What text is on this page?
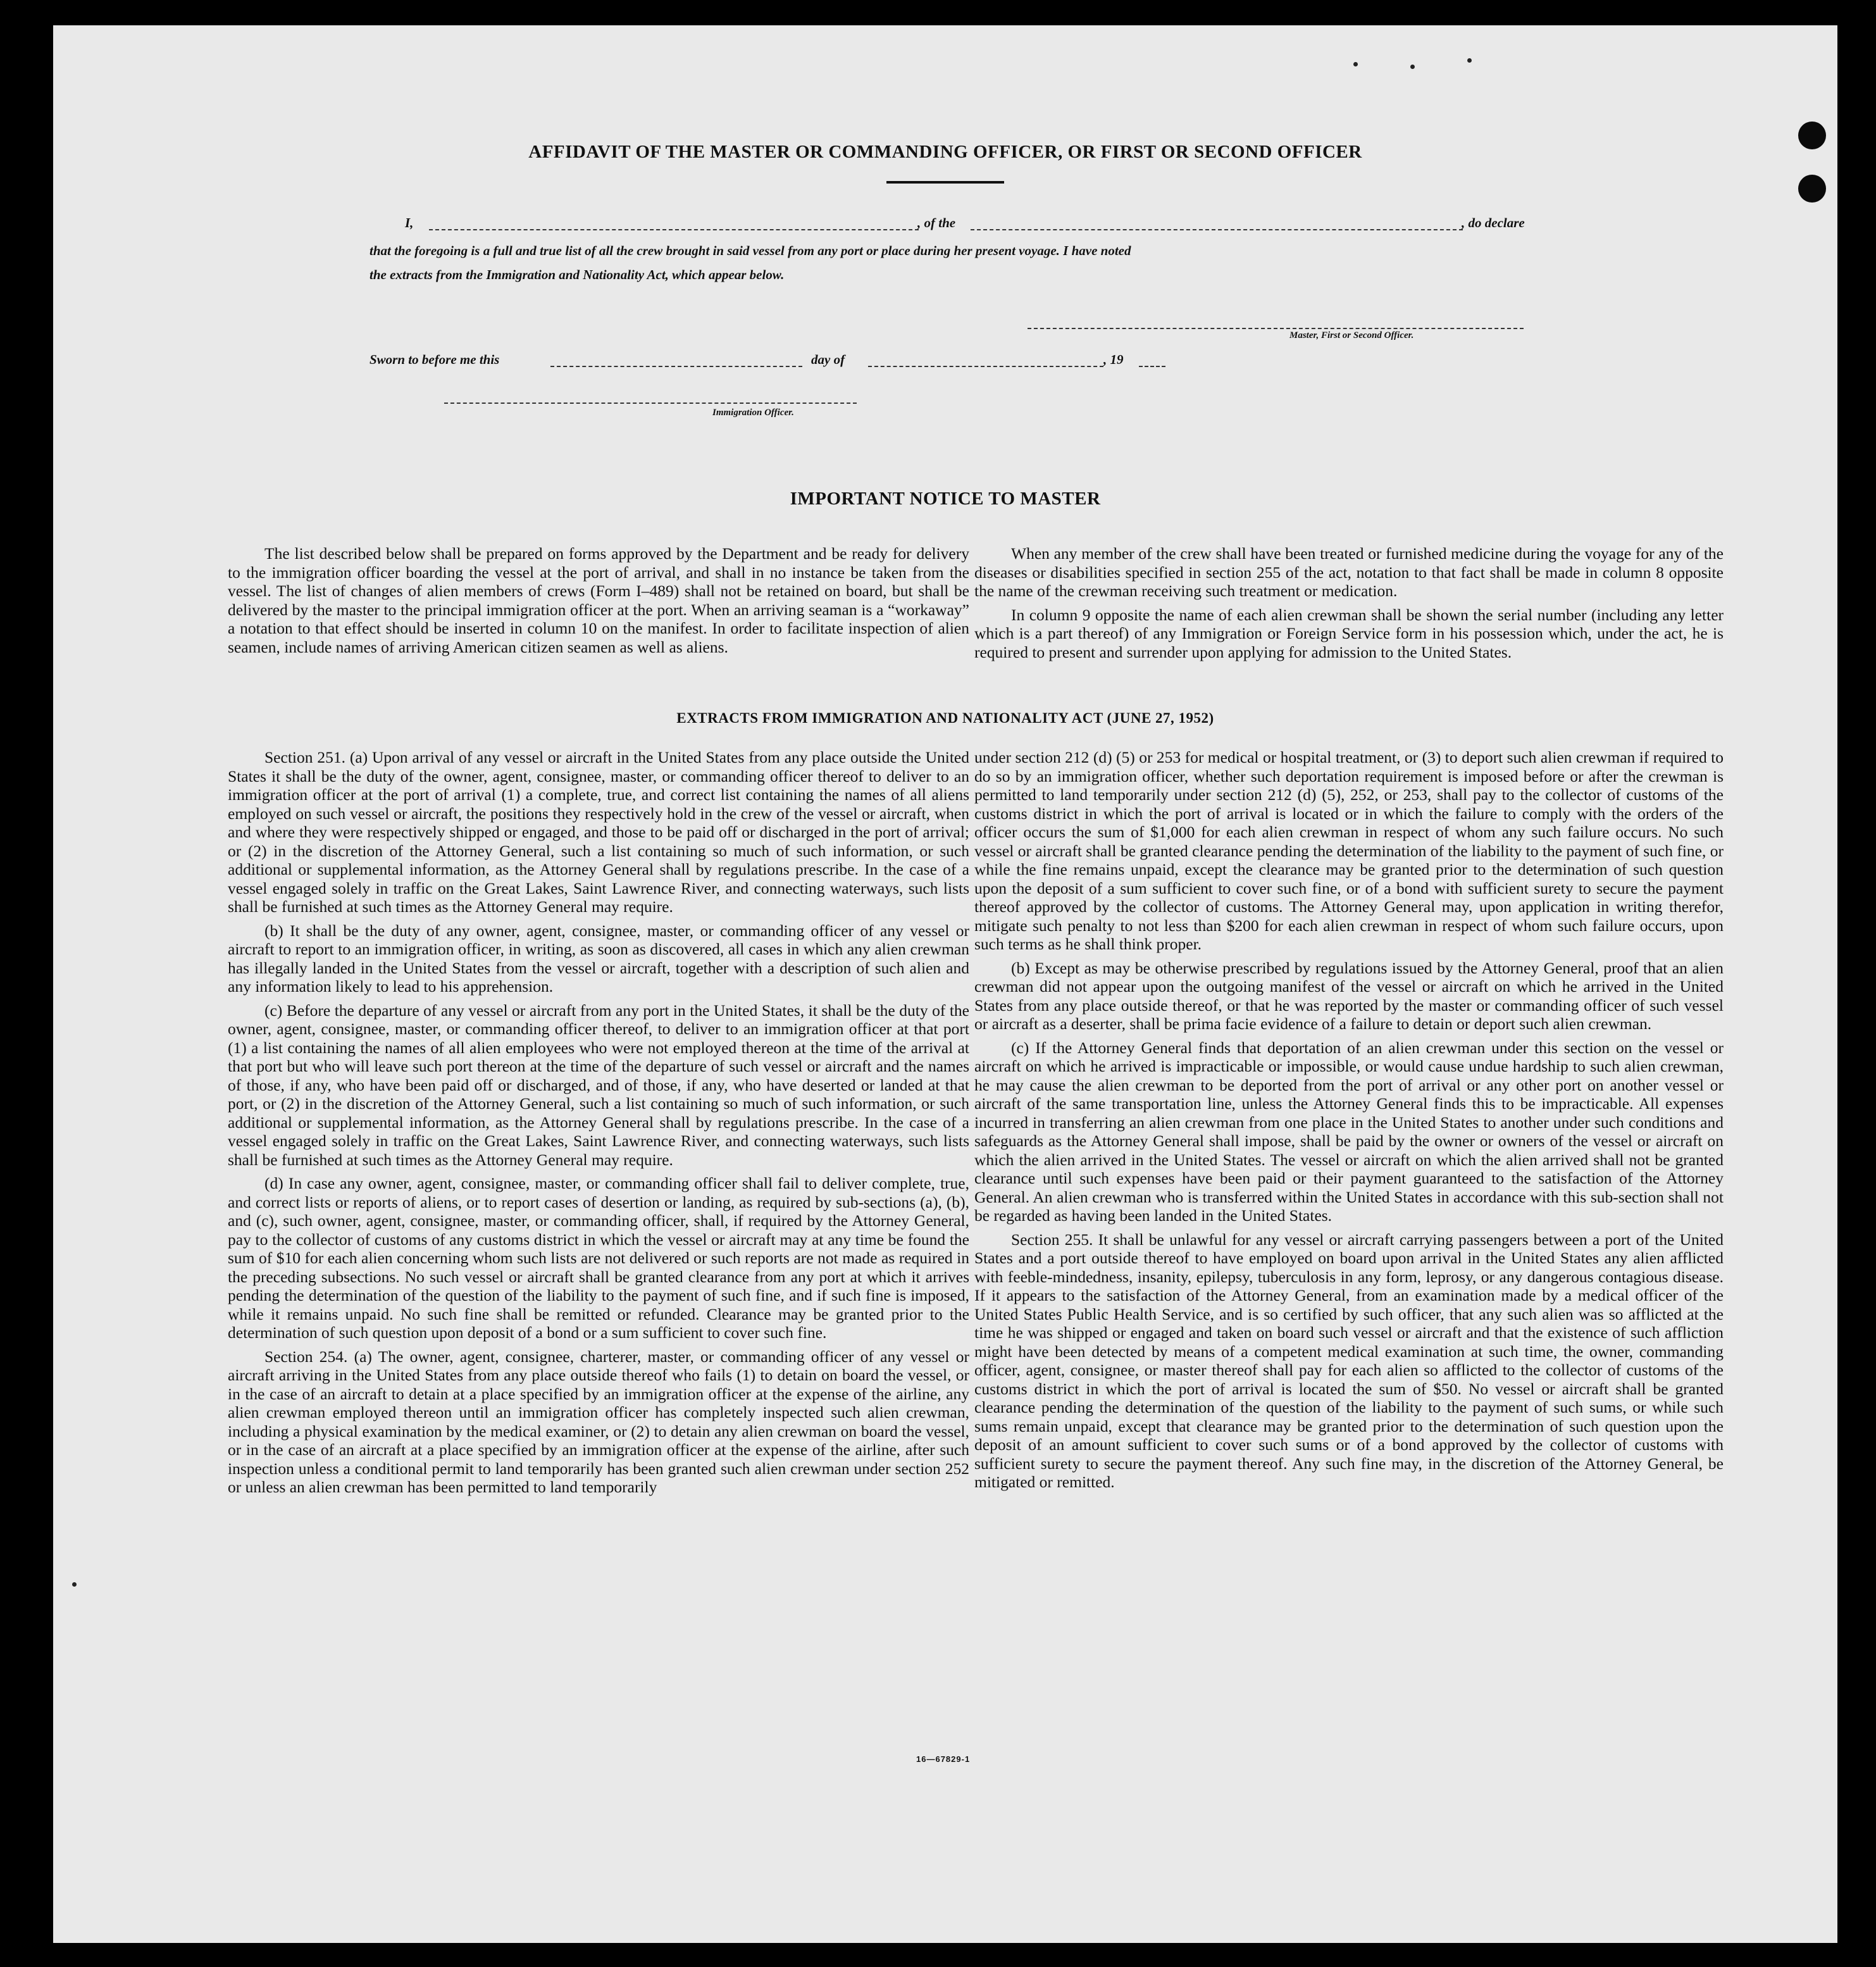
AFFIDAVIT OF THE MASTER OR COMMANDING OFFICER, OR FIRST OR SECOND OFFICER
I,	, of the	, do declare
that the foregoing is a full and true list of all the crew brought in said vessel from any port or place during her present voyage. I have noted
the extracts from the Immigration and Nationality Act, which appear below.
Master, First or Second Officer.
Sworn to before me this	day of	, 19
Immigration Officer.
IMPORTANT NOTICE TO MASTER

The list described below shall be prepared on forms approved by the Department and be ready for delivery to the immigration officer boarding the vessel at the port of arrival, and shall in no instance be taken from the vessel. The list of changes of alien members of crews (Form I–489) shall not be retained on board, but shall be delivered by the master to the principal immigration officer at the port. When an arriving seaman is a “workaway” a notation to that effect should be inserted in column 10 on the manifest. In order to facilitate inspection of alien seamen, include names of arriving American citizen seamen as well as aliens.

When any member of the crew shall have been treated or furnished medicine during the voyage for any of the diseases or disabilities specified in section 255 of the act, notation to that fact shall be made in column 8 opposite the name of the crewman receiving such treatment or medication.

In column 9 opposite the name of each alien crewman shall be shown the serial number (including any letter which is a part thereof) of any Immigration or Foreign Service form in his possession which, under the act, he is required to present and surrender upon applying for admission to the United States.

EXTRACTS FROM IMMIGRATION AND NATIONALITY ACT (JUNE 27, 1952)

Section 251. (a) Upon arrival of any vessel or aircraft in the United States from any place outside the United States it shall be the duty of the owner, agent, consignee, master, or commanding officer thereof to deliver to an immigration officer at the port of arrival (1) a complete, true, and correct list containing the names of all aliens employed on such vessel or aircraft, the positions they respectively hold in the crew of the vessel or aircraft, when and where they were respectively shipped or engaged, and those to be paid off or discharged in the port of arrival; or (2) in the discretion of the Attorney General, such a list containing so much of such information, or such additional or supplemental information, as the Attorney General shall by regulations prescribe. In the case of a vessel engaged solely in traffic on the Great Lakes, Saint Lawrence River, and connecting waterways, such lists shall be furnished at such times as the Attorney General may require.

(b) It shall be the duty of any owner, agent, consignee, master, or commanding officer of any vessel or aircraft to report to an immigration officer, in writing, as soon as discovered, all cases in which any alien crewman has illegally landed in the United States from the vessel or aircraft, together with a description of such alien and any information likely to lead to his apprehension.

(c) Before the departure of any vessel or aircraft from any port in the United States, it shall be the duty of the owner, agent, consignee, master, or commanding officer thereof, to deliver to an immigration officer at that port (1) a list containing the names of all alien employees who were not employed thereon at the time of the arrival at that port but who will leave such port thereon at the time of the departure of such vessel or aircraft and the names of those, if any, who have been paid off or discharged, and of those, if any, who have deserted or landed at that port, or (2) in the discretion of the Attorney General, such a list containing so much of such information, or such additional or supplemental information, as the Attorney General shall by regulations prescribe. In the case of a vessel engaged solely in traffic on the Great Lakes, Saint Lawrence River, and connecting waterways, such lists shall be furnished at such times as the Attorney General may require.

(d) In case any owner, agent, consignee, master, or commanding officer shall fail to deliver complete, true, and correct lists or reports of aliens, or to report cases of desertion or landing, as required by sub-sections (a), (b), and (c), such owner, agent, consignee, master, or commanding officer, shall, if required by the Attorney General, pay to the collector of customs of any customs district in which the vessel or aircraft may at any time be found the sum of $10 for each alien concerning whom such lists are not delivered or such reports are not made as required in the preceding subsections. No such vessel or aircraft shall be granted clearance from any port at which it arrives pending the determination of the question of the liability to the payment of such fine, and if such fine is imposed, while it remains unpaid. No such fine shall be remitted or refunded. Clearance may be granted prior to the determination of such question upon deposit of a bond or a sum sufficient to cover such fine.

Section 254. (a) The owner, agent, consignee, charterer, master, or commanding officer of any vessel or aircraft arriving in the United States from any place outside thereof who fails (1) to detain on board the vessel, or in the case of an aircraft to detain at a place specified by an immigration officer at the expense of the airline, any alien crewman employed thereon until an immigration officer has completely inspected such alien crewman, including a physical examination by the medical examiner, or (2) to detain any alien crewman on board the vessel, or in the case of an aircraft at a place specified by an immigration officer at the expense of the airline, after such inspection unless a conditional permit to land temporarily has been granted such alien crewman under section 252 or unless an alien crewman has been permitted to land temporarily

under section 212 (d) (5) or 253 for medical or hospital treatment, or (3) to deport such alien crewman if required to do so by an immigration officer, whether such deportation requirement is imposed before or after the crewman is permitted to land temporarily under section 212 (d) (5), 252, or 253, shall pay to the collector of customs of the customs district in which the port of arrival is located or in which the failure to comply with the orders of the officer occurs the sum of $1,000 for each alien crewman in respect of whom any such failure occurs. No such vessel or aircraft shall be granted clearance pending the determination of the liability to the payment of such fine, or while the fine remains unpaid, except the clearance may be granted prior to the determination of such question upon the deposit of a sum sufficient to cover such fine, or of a bond with sufficient surety to secure the payment thereof approved by the collector of customs. The Attorney General may, upon application in writing therefor, mitigate such penalty to not less than $200 for each alien crewman in respect of whom such failure occurs, upon such terms as he shall think proper.

(b) Except as may be otherwise prescribed by regulations issued by the Attorney General, proof that an alien crewman did not appear upon the outgoing manifest of the vessel or aircraft on which he arrived in the United States from any place outside thereof, or that he was reported by the master or commanding officer of such vessel or aircraft as a deserter, shall be prima facie evidence of a failure to detain or deport such alien crewman.

(c) If the Attorney General finds that deportation of an alien crewman under this section on the vessel or aircraft on which he arrived is impracticable or impossible, or would cause undue hardship to such alien crewman, he may cause the alien crewman to be deported from the port of arrival or any other port on another vessel or aircraft of the same transportation line, unless the Attorney General finds this to be impracticable. All expenses incurred in transferring an alien crewman from one place in the United States to another under such conditions and safeguards as the Attorney General shall impose, shall be paid by the owner or owners of the vessel or aircraft on which the alien arrived in the United States. The vessel or aircraft on which the alien arrived shall not be granted clearance until such expenses have been paid or their payment guaranteed to the satisfaction of the Attorney General. An alien crewman who is transferred within the United States in accordance with this sub-section shall not be regarded as having been landed in the United States.

Section 255. It shall be unlawful for any vessel or aircraft carrying passengers between a port of the United States and a port outside thereof to have employed on board upon arrival in the United States any alien afflicted with feeble-mindedness, insanity, epilepsy, tuberculosis in any form, leprosy, or any dangerous contagious disease. If it appears to the satisfaction of the Attorney General, from an examination made by a medical officer of the United States Public Health Service, and is so certified by such officer, that any such alien was so afflicted at the time he was shipped or engaged and taken on board such vessel or aircraft and that the existence of such affliction might have been detected by means of a competent medical examination at such time, the owner, commanding officer, agent, consignee, or master thereof shall pay for each alien so afflicted to the collector of customs of the customs district in which the port of arrival is located the sum of $50. No vessel or aircraft shall be granted clearance pending the determination of the question of the liability to the payment of such sums, or while such sums remain unpaid, except that clearance may be granted prior to the determination of such question upon the deposit of an amount sufficient to cover such sums or of a bond approved by the collector of customs with sufficient surety to secure the payment thereof. Any such fine may, in the discretion of the Attorney General, be mitigated or remitted.

16—67829-1
